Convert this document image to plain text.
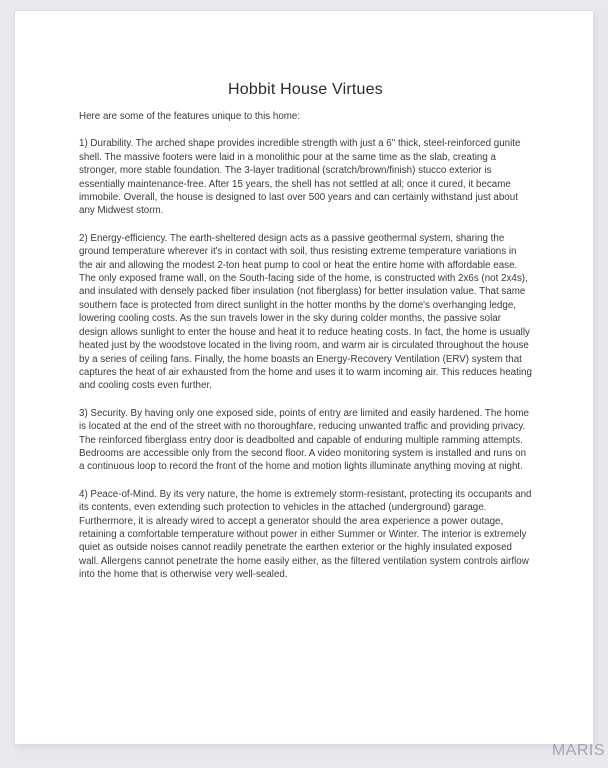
Hobbit House Virtues

Here are some of the features unique to this home:

1) Durability. The arched shape provides incredible strength with just a 6" thick, steel-reinforced gunite shell. The massive footers were laid in a monolithic pour at the same time as the slab, creating a stronger, more stable foundation. The 3-layer traditional (scratch/brown/finish) stucco exterior is essentially maintenance-free. After 15 years, the shell has not settled at all; once it cured, it became immobile. Overall, the house is designed to last over 500 years and can certainly withstand just about any Midwest storm.

2) Energy-efficiency. The earth-sheltered design acts as a passive geothermal system, sharing the ground temperature wherever it's in contact with soil, thus resisting extreme temperature variations in the air and allowing the modest 2-ton heat pump to cool or heat the entire home with affordable ease. The only exposed frame wall, on the South-facing side of the home, is constructed with 2x6s (not 2x4s), and insulated with densely packed fiber insulation (not fiberglass) for better insulation value. That same southern face is protected from direct sunlight in the hotter months by the dome's overhanging ledge, lowering cooling costs. As the sun travels lower in the sky during colder months, the passive solar design allows sunlight to enter the house and heat it to reduce heating costs. In fact, the home is usually heated just by the woodstove located in the living room, and warm air is circulated throughout the house by a series of ceiling fans. Finally, the home boasts an Energy-Recovery Ventilation (ERV) system that captures the heat of air exhausted from the home and uses it to warm incoming air. This reduces heating and cooling costs even further.

3) Security. By having only one exposed side, points of entry are limited and easily hardened. The home is located at the end of the street with no thoroughfare, reducing unwanted traffic and providing privacy. The reinforced fiberglass entry door is deadbolted and capable of enduring multiple ramming attempts. Bedrooms are accessible only from the second floor. A video monitoring system is installed and runs on a continuous loop to record the front of the home and motion lights illuminate anything moving at night.

4) Peace-of-Mind. By its very nature, the home is extremely storm-resistant, protecting its occupants and its contents, even extending such protection to vehicles in the attached (underground) garage. Furthermore, it is already wired to accept a generator should the area experience a power outage, retaining a comfortable temperature without power in either Summer or Winter. The interior is extremely quiet as outside noises cannot readily penetrate the earthen exterior or the highly insulated exposed wall. Allergens cannot penetrate the home easily either, as the filtered ventilation system controls airflow into the home that is otherwise very well-sealed.

MARIS
